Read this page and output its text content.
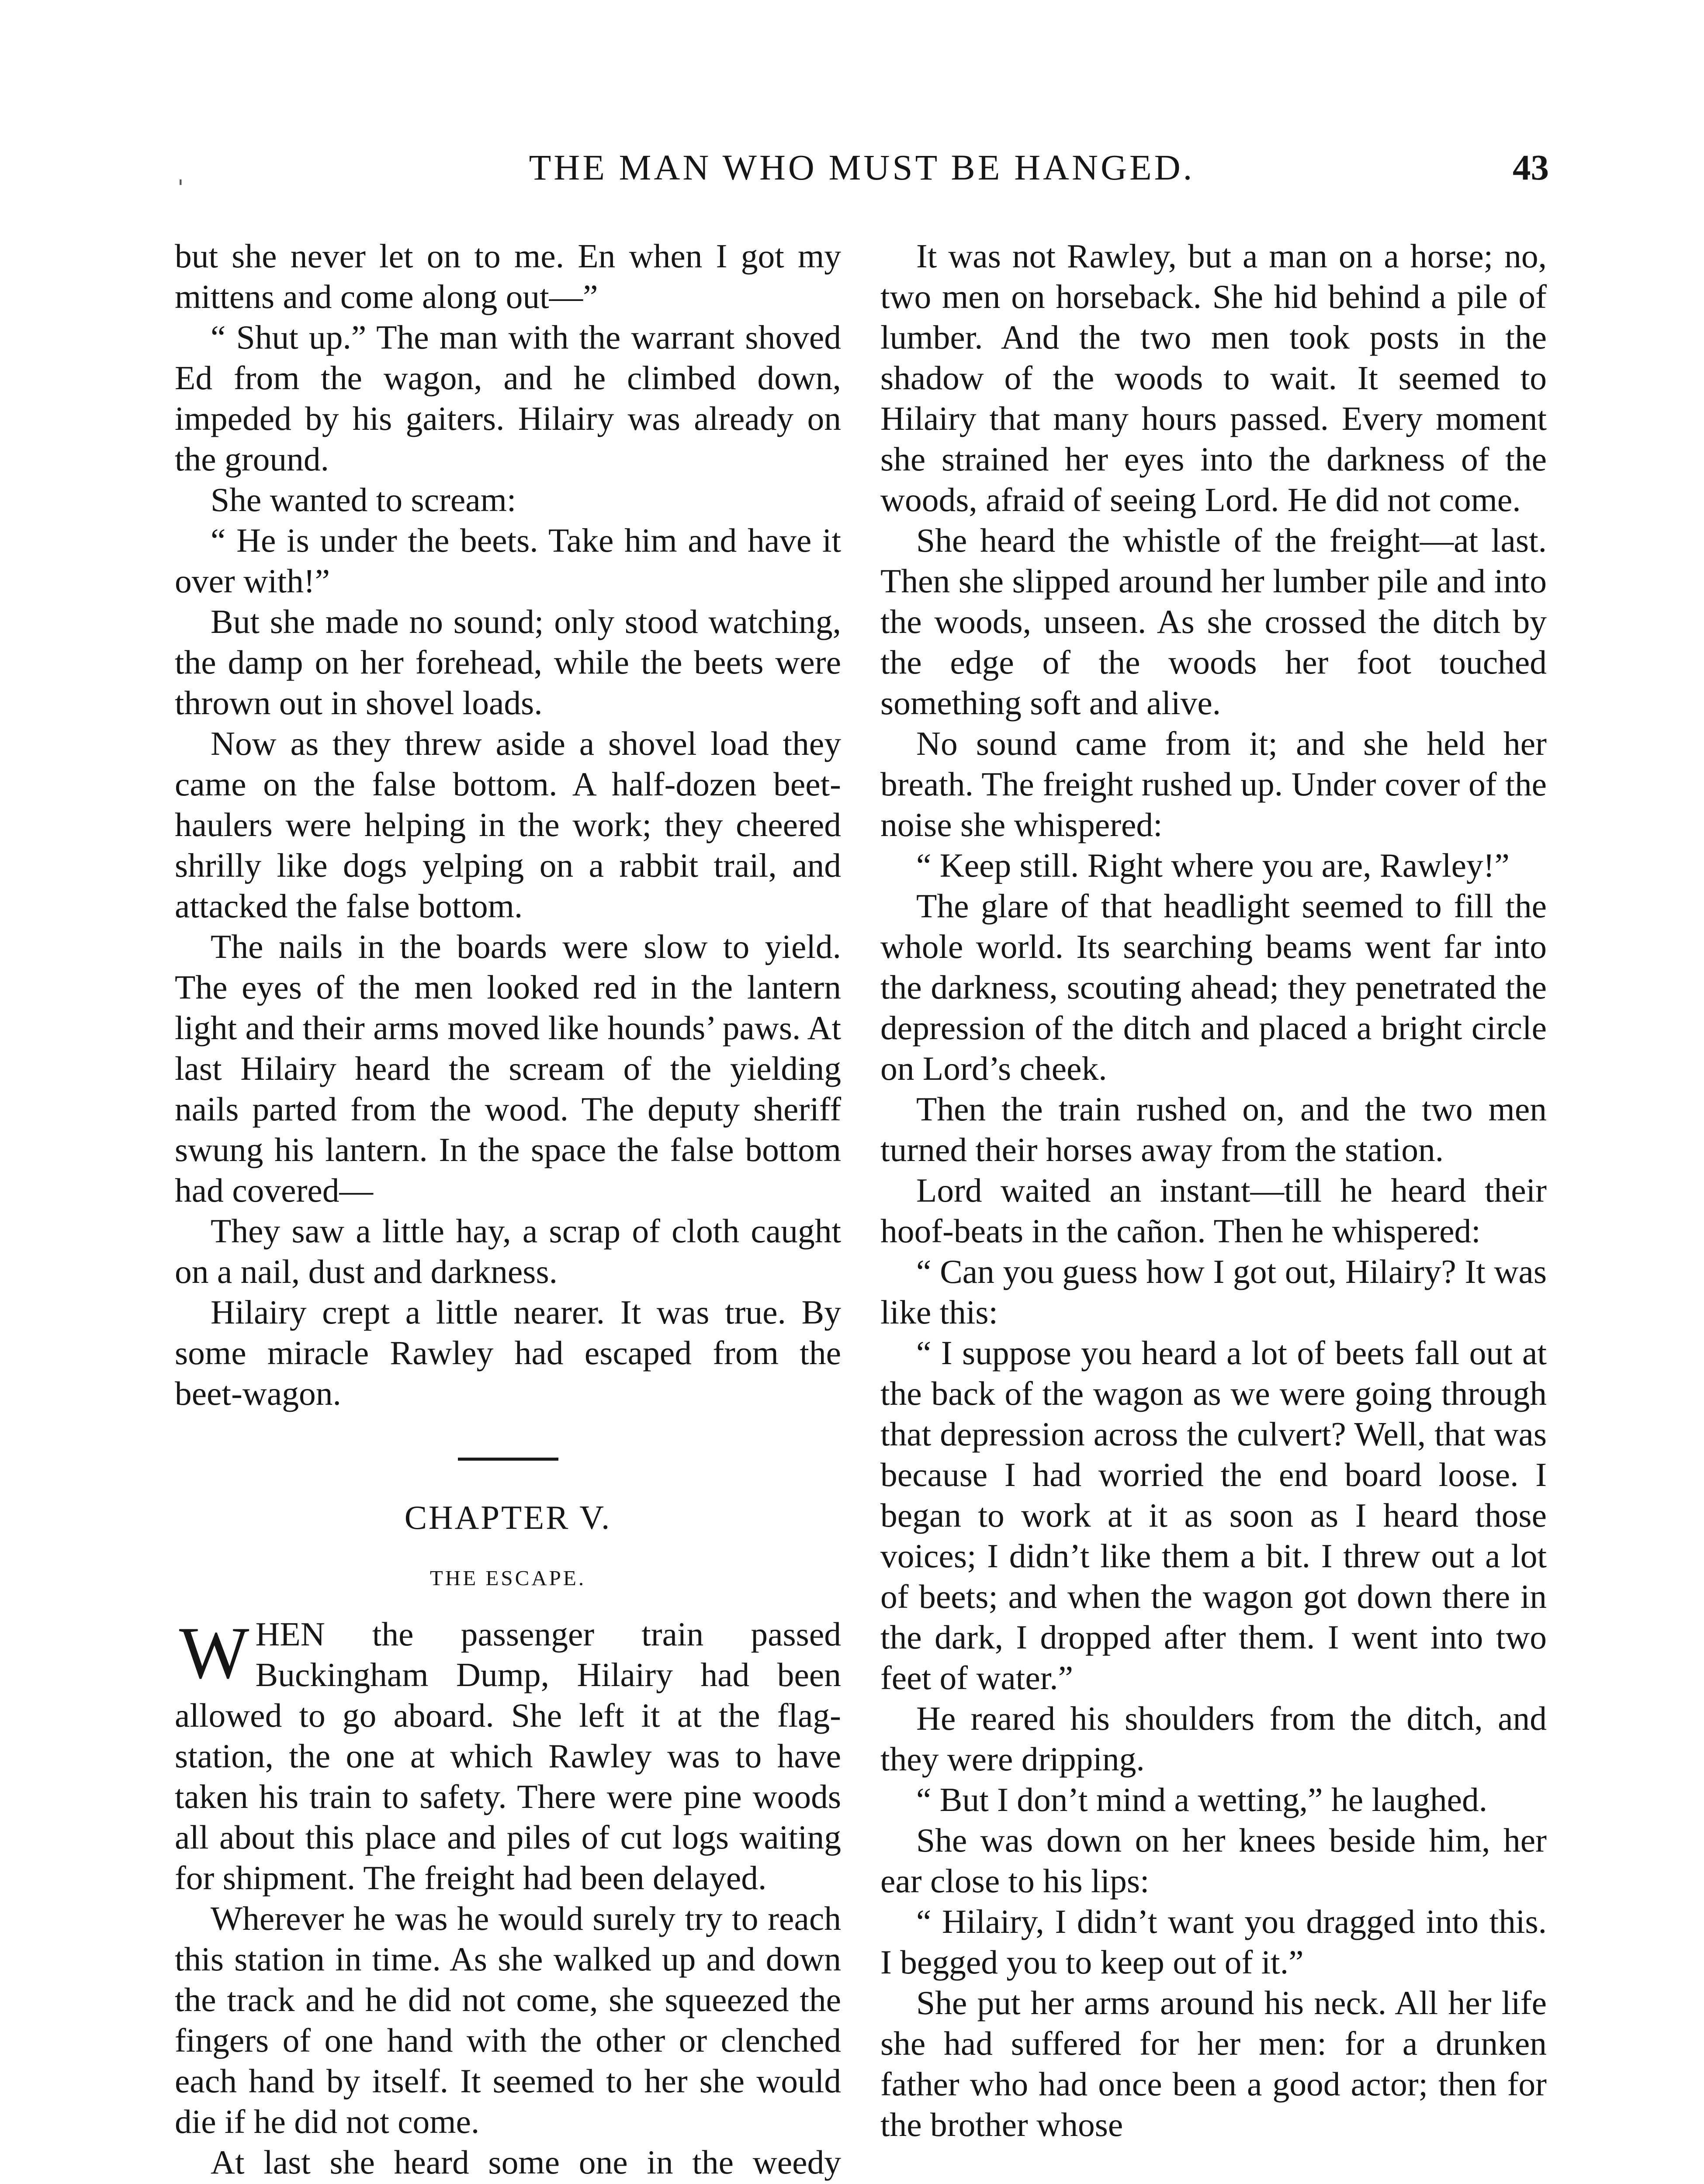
ˌ	THE MAN WHO MUST BE HANGED.	43

but she never let on to me. En when I got my mittens and come along out—”

“ Shut up.” The man with the warrant shoved Ed from the wagon, and he climbed down, impeded by his gaiters. Hilairy was already on the ground.

She wanted to scream:

“ He is under the beets. Take him and have it over with!”

But she made no sound; only stood watching, the damp on her forehead, while the beets were thrown out in shovel loads.

Now as they threw aside a shovel load they came on the false bottom. A half-dozen beet-haulers were helping in the work; they cheered shrilly like dogs yelping on a rabbit trail, and attacked the false bottom.

The nails in the boards were slow to yield. The eyes of the men looked red in the lantern light and their arms moved like hounds’ paws. At last Hilairy heard the scream of the yielding nails parted from the wood. The deputy sheriff swung his lantern. In the space the false bottom had covered—

They saw a little hay, a scrap of cloth caught on a nail, dust and darkness.

Hilairy crept a little nearer. It was true. By some miracle Rawley had escaped from the beet-wagon.

CHAPTER V.
THE ESCAPE.

WHEN the passenger train passed Buckingham Dump, Hilairy had been allowed to go aboard. She left it at the flag-station, the one at which Rawley was to have taken his train to safety. There were pine woods all about this place and piles of cut logs waiting for shipment. The freight had been delayed.

Wherever he was he would surely try to reach this station in time. As she walked up and down the track and he did not come, she squeezed the fingers of one hand with the other or clenched each hand by itself. It seemed to her she would die if he did not come.

At last she heard some one in the weedy

It was not Rawley, but a man on a horse; no, two men on horseback. She hid behind a pile of lumber. And the two men took posts in the shadow of the woods to wait. It seemed to Hilairy that many hours passed. Every moment she strained her eyes into the darkness of the woods, afraid of seeing Lord. He did not come.

She heard the whistle of the freight—at last. Then she slipped around her lumber pile and into the woods, unseen. As she crossed the ditch by the edge of the woods her foot touched something soft and alive.

No sound came from it; and she held her breath. The freight rushed up. Under cover of the noise she whispered:

“ Keep still. Right where you are, Rawley!”

The glare of that headlight seemed to fill the whole world. Its searching beams went far into the darkness, scouting ahead; they penetrated the depression of the ditch and placed a bright circle on Lord’s cheek.

Then the train rushed on, and the two men turned their horses away from the station.

Lord waited an instant—till he heard their hoof-beats in the cañon. Then he whispered:

“ Can you guess how I got out, Hilairy? It was like this:

“ I suppose you heard a lot of beets fall out at the back of the wagon as we were going through that depression across the culvert? Well, that was because I had worried the end board loose. I began to work at it as soon as I heard those voices; I didn’t like them a bit. I threw out a lot of beets; and when the wagon got down there in the dark, I dropped after them. I went into two feet of water.”

He reared his shoulders from the ditch, and they were dripping.

“ But I don’t mind a wetting,” he laughed.

She was down on her knees beside him, her ear close to his lips:

“ Hilairy, I didn’t want you dragged into this. I begged you to keep out of it.”

She put her arms around his neck. All her life she had suffered for her men: for a drunken father who had once been a good actor; then for the brother whose
